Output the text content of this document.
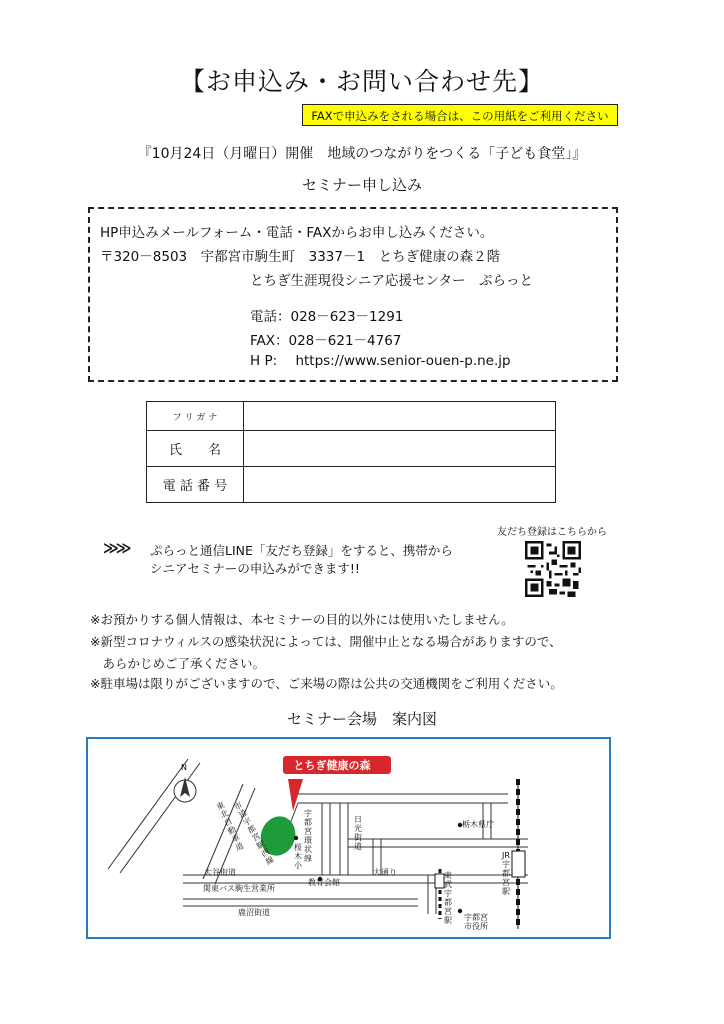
【お申込み・お問い合わせ先】
FAXで申込みをされる場合は、この用紙をご利用ください
『10月24日（月曜日）開催　地域のつながりをつくる「子ども食堂」』
セミナー申し込み
HP申込みメールフォーム・電話・FAXからお申し込みください。
〒320－8503　宇都宮市駒生町　3337－1　とちぎ健康の森２階
とちぎ生涯現役シニア応援センター　ぷらっと
電話：028－623－1291
FAX：028－621－4767
H P: https://www.senior-ouen-p.ne.jp
フ リ ガ ナ	
氏　　名	
電 話 番 号	
≫≫ ぷらっと通信LINE「友だち登録」をすると、携帯から
シニアセミナーの申込みができます!!
友だち登録はこちらから
※お預かりする個人情報は、本セミナーの目的以外には使用いたしません。
※新型コロナウィルスの感染状況によっては、開催中止となる場合がありますので、
　あらかじめご了承ください。
※駐車場は限りがございますので、ご来場の際は公共の交通機関をご利用ください。
セミナー会場　案内図
とちぎ健康の森
N
東北自動車道
市道宇都宮駅西線
宇都宮環状線
桜木小
日光街道
大谷街道
関東バス駒生営業所
鹿沼街道
教育会館
大通り
栃木県庁
東武宇都宮駅 宇都宮
市役所
JR宇都宮駅
